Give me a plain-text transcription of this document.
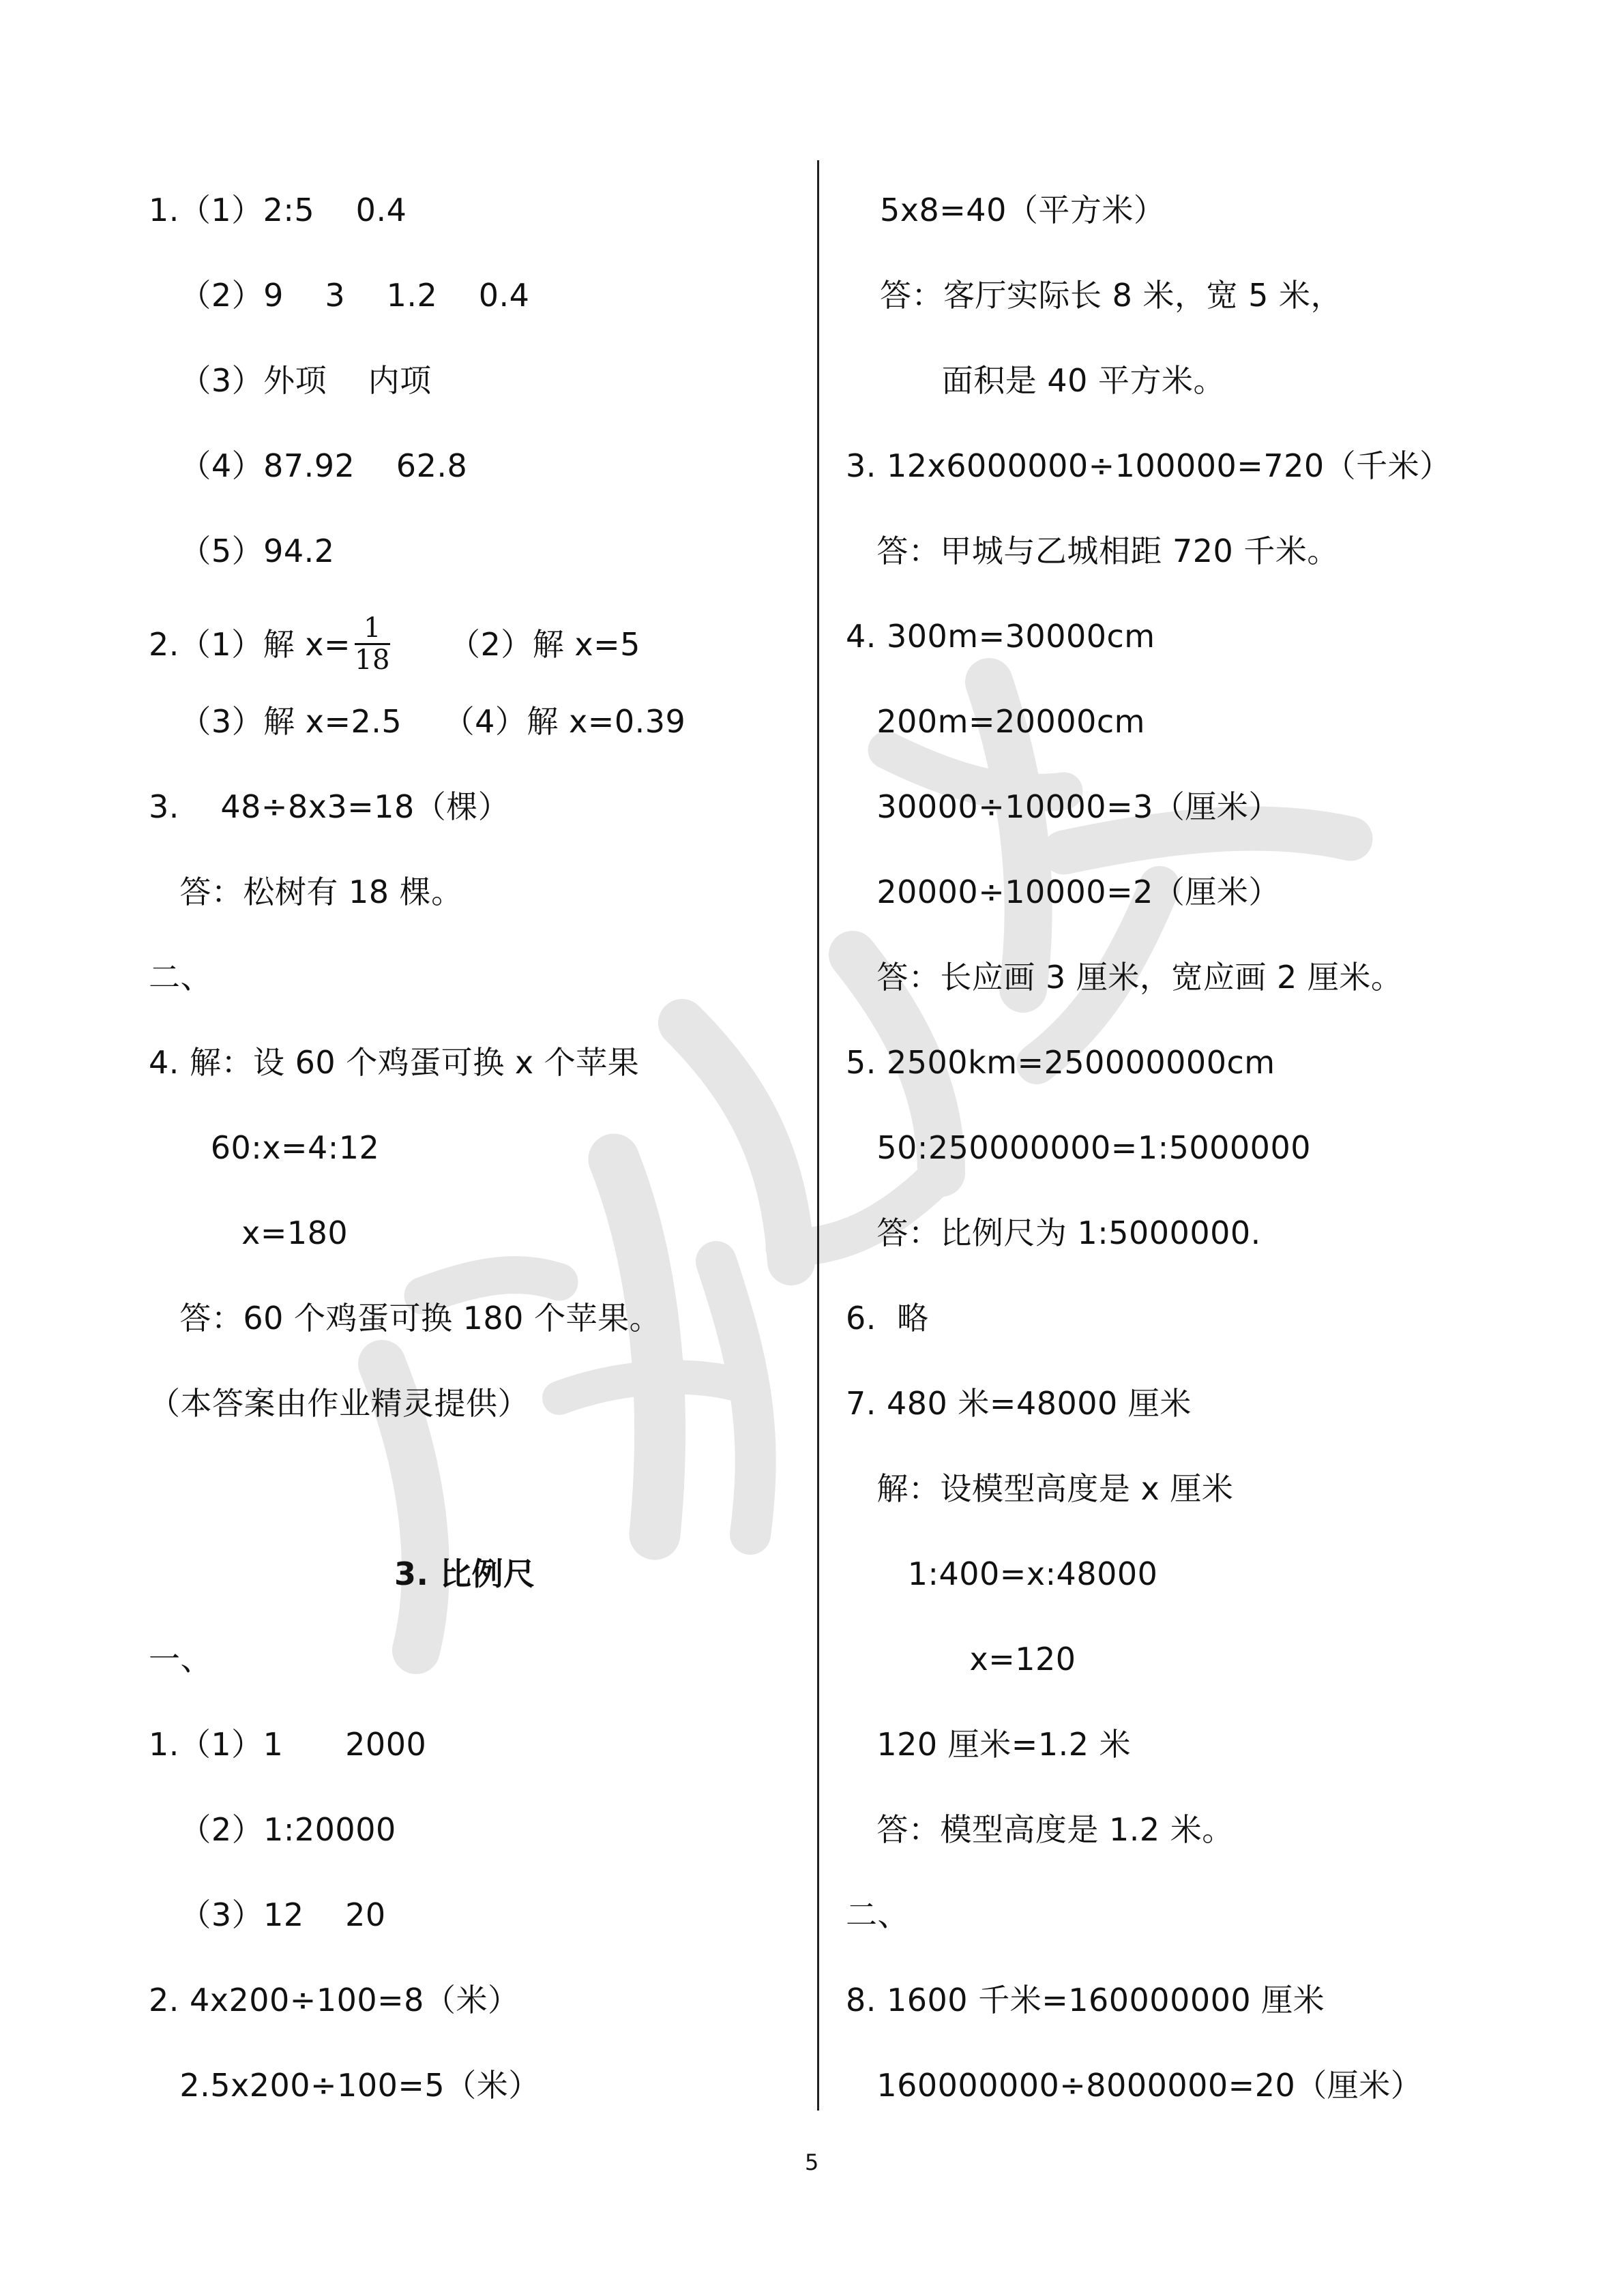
1.（1）2:5    0.4
（2）9    3    1.2    0.4
（3）外项    内项
（4）87.92    62.8
（5）94.2
2.（1）解 $x= \frac{1}{18} (2)$解 x=5
（3）解 x=2.5    （4）解 x=0.39
3.    48÷8x3=18（棵）
答：松树有 18 棵。
二、
4. 解：设 60 个鸡蛋可换 x 个苹果
60:x=4:12
x=180
答：60 个鸡蛋可换 180 个苹果。
（本答案由作业精灵提供）
3. 比例尺
一、
1.（1）1      2000
（2）1:20000
（3）12    20
2. 4x200÷100=8（米）
2.5x200÷100=5（米）
5x8=40（平方米）
答：客厅实际长 8 米，宽 5 米，
面积是 40 平方米。
3. 12x6000000÷100000=720（千米）
答：甲城与乙城相距 720 千米。
4. 300m=30000cm
200m=20000cm
30000÷10000=3（厘米）
20000÷10000=2（厘米）
答：长应画 3 厘米，宽应画 2 厘米。
5. 2500km=250000000cm
50:250000000=1:5000000
答：比例尺为 1:5000000.
6.  略
7. 480 米=48000 厘米
解：设模型高度是 x 厘米
1:400=x:48000
x=120
120 厘米=1.2 米
答：模型高度是 1.2 米。
二、
8. 1600 千米=160000000 厘米
160000000÷8000000=20（厘米）
5
